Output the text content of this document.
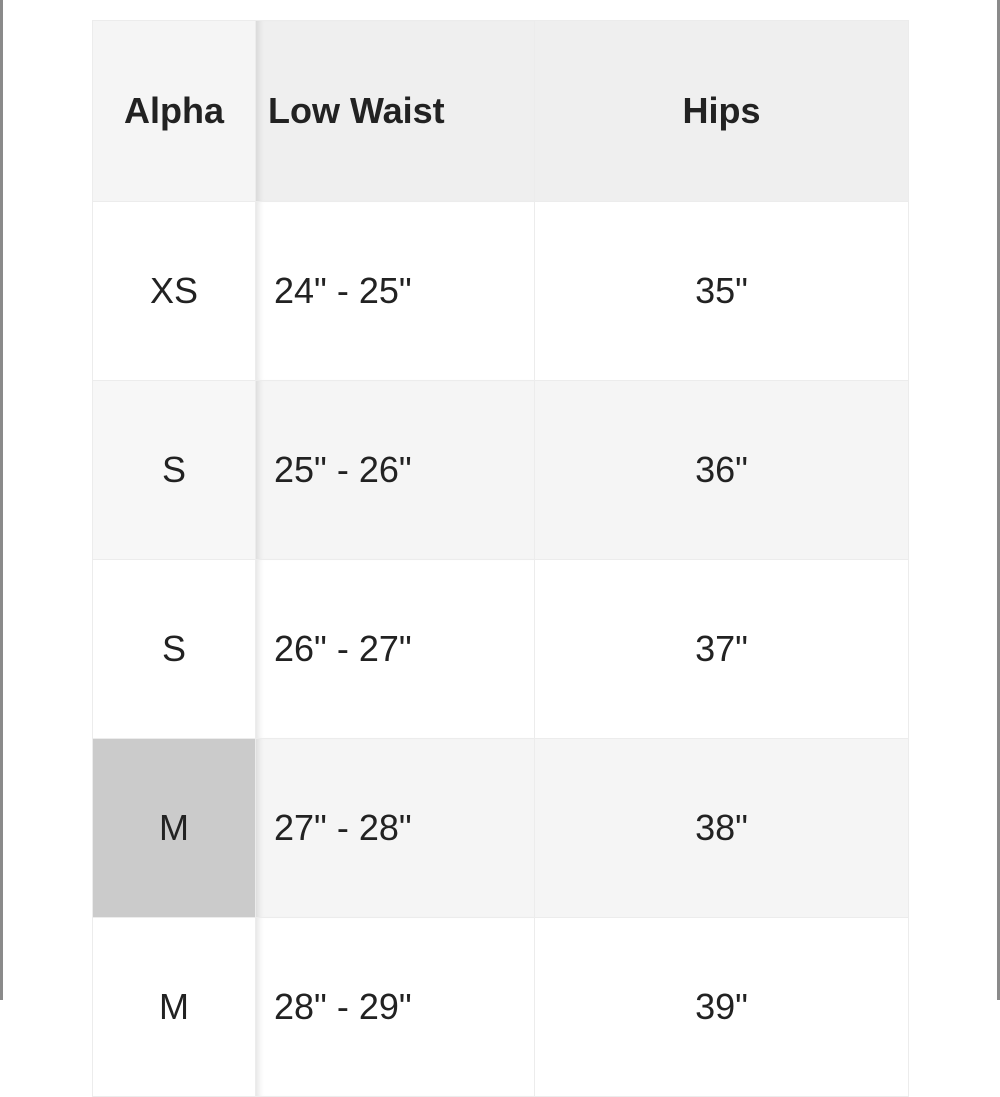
Alpha	Low Waist	Hips
XS	24" - 25"	35"
S	25" - 26"	36"
S	26" - 27"	37"
M	27" - 28"	38"
M	28" - 29"	39"
